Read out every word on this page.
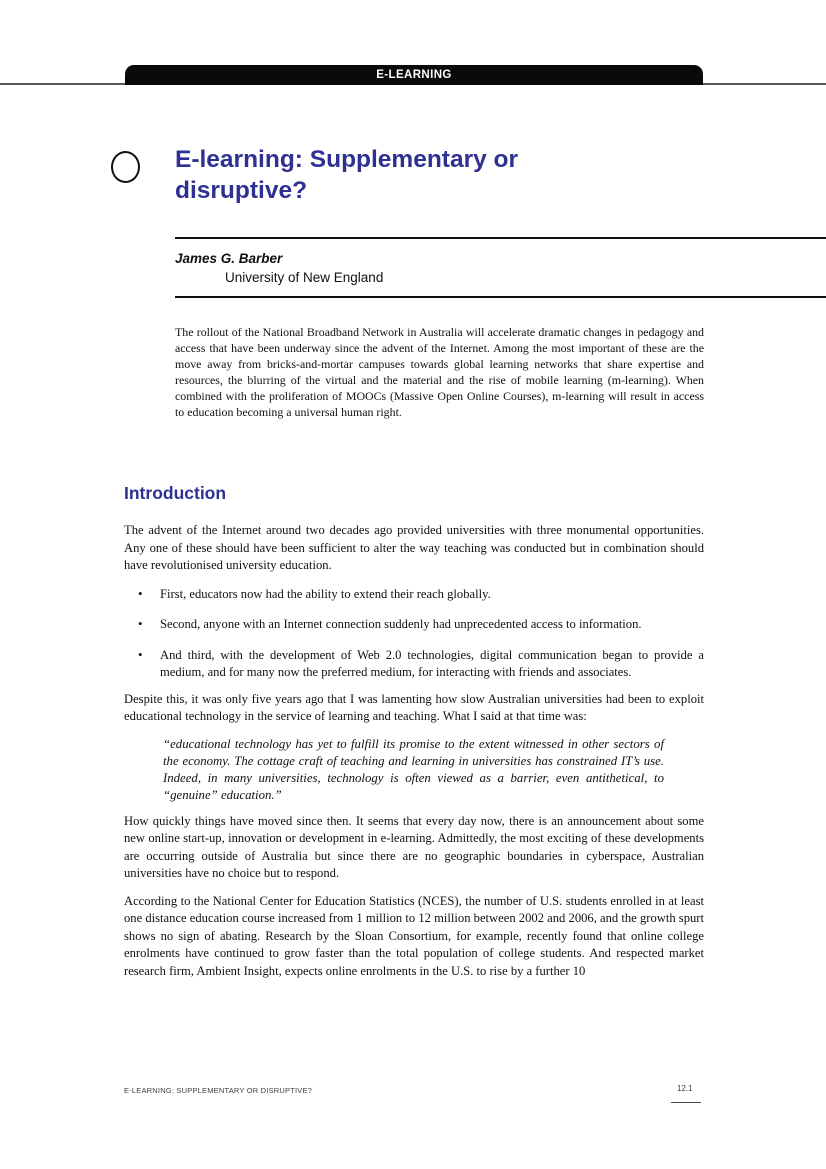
E-LEARNING
E-learning: Supplementary or disruptive?
James G. Barber
University of New England
The rollout of the National Broadband Network in Australia will accelerate dramatic changes in pedagogy and access that have been underway since the advent of the Internet. Among the most important of these are the move away from bricks-and-mortar campuses towards global learning networks that share expertise and resources, the blurring of the virtual and the material and the rise of mobile learning (m-learning). When combined with the proliferation of MOOCs (Massive Open Online Courses), m-learning will result in access to education becoming a universal human right.
Introduction

The advent of the Internet around two decades ago provided universities with three monumental opportunities. Any one of these should have been sufficient to alter the way teaching was conducted but in combination should have revolutionised university education.

• First, educators now had the ability to extend their reach globally.
• Second, anyone with an Internet connection suddenly had unprecedented access to information.
• And third, with the development of Web 2.0 technologies, digital communication began to provide a medium, and for many now the preferred medium, for interacting with friends and associates.

Despite this, it was only five years ago that I was lamenting how slow Australian universities had been to exploit educational technology in the service of learning and teaching. What I said at that time was:

“educational technology has yet to fulfill its promise to the extent witnessed in other sectors of the economy. The cottage craft of teaching and learning in universities has constrained IT’s use. Indeed, in many universities, technology is often viewed as a barrier, even antithetical, to “genuine” education.”

How quickly things have moved since then. It seems that every day now, there is an announcement about some new online start-up, innovation or development in e-learning. Admittedly, the most exciting of these developments are occurring outside of Australia but since there are no geographic boundaries in cyberspace, Australian universities have no choice but to respond.

According to the National Center for Education Statistics (NCES), the number of U.S. students enrolled in at least one distance education course increased from 1 million to 12 million between 2002 and 2006, and the growth spurt shows no sign of abating. Research by the Sloan Consortium, for example, recently found that online college enrolments have continued to grow faster than the total population of college students. And respected market research firm, Ambient Insight, expects online enrolments in the U.S. to rise by a further 10

E-LEARNING: SUPPLEMENTARY OR DISRUPTIVE?	12.1
